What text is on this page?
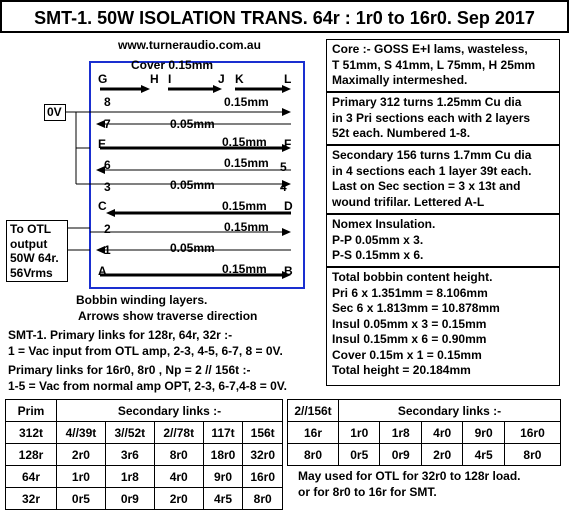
SMT-1. 50W ISOLATION TRANS. 64r : 1r0 to 16r0. Sep 2017
www.turneraudio.com.au
Cover 0.15mm
G	H I	J K	L
8	0.15mm
7	0.05mm
E	0.15mm F
6	0.15mm 5
3	0.05mm	4
C	0.15mm D
2	0.15mm
1	0.05mm
A	0.15mm B
0V
To OTL
output
50W 64r.
56Vrms
Bobbin winding layers.
Arrows show traverse direction
Core :- GOSS E+I lams, wasteless,
T 51mm, S 41mm, L 75mm, H 25mm
Maximally intermeshed.
Primary 312 turns 1.25mm Cu dia
in 3 Pri sections each with 2 layers
52t each. Numbered 1-8.
Secondary 156 turns 1.7mm Cu dia
in 4 sections each 1 layer 39t each.
Last on Sec section = 3 x 13t and
wound trifilar. Lettered A-L
Nomex Insulation.
P-P 0.05mm x 3.
P-S 0.15mm x 6.
Total bobbin content height.
Pri 6 x 1.351mm = 8.106mm
Sec 6 x 1.813mm = 10.878mm
Insul 0.05mm x 3 = 0.15mm
Insul 0.15mm x 6 = 0.90mm
Cover 0.15m x 1 = 0.15mm
Total height = 20.184mm
SMT-1. Primary links for 128r, 64r, 32r :-
1 = Vac input from OTL amp, 2-3, 4-5, 6-7, 8 = 0V.
Primary links for 16r0, 8r0 , Np = 2 // 156t :-
1-5 = Vac from normal amp OPT, 2-3, 6-7,4-8 = 0V.
Prim	Secondary links :-				
312t	4//39t	3//52t	2//78t	117t	156t
128r	2r0	3r6	8r0	18r0	32r0
64r	1r0	1r8	4r0	9r0	16r0
32r	0r5	0r9	2r0	4r5	8r0
2//156t	Secondary links :-				
16r	1r0	1r8	4r0	9r0	16r0
8r0	0r5	0r9	2r0	4r5	8r0
May used for OTL for 32r0 to 128r load.
or for 8r0 to 16r for SMT.
